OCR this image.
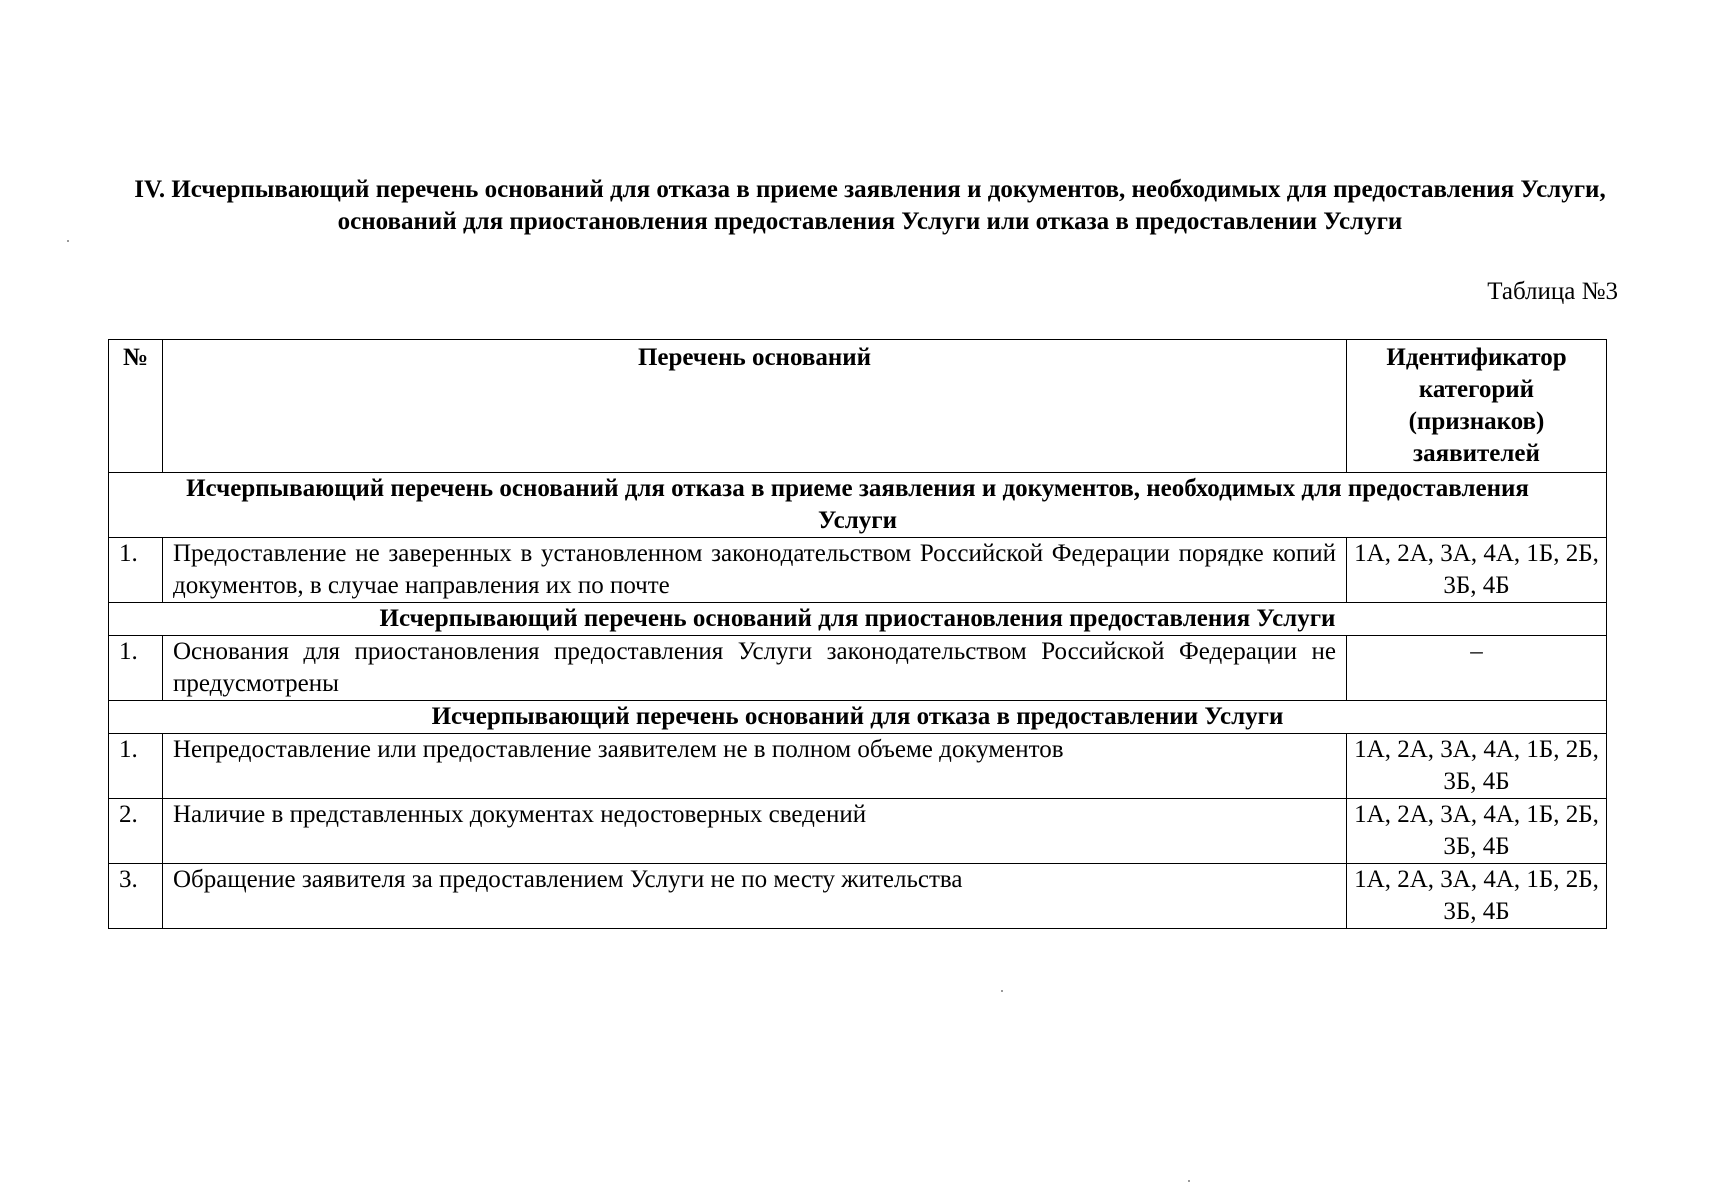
IV. Исчерпывающий перечень оснований для отказа в приеме заявления и документов, необходимых для предоставления Услуги, оснований для приостановления предоставления Услуги или отказа в предоставлении Услуги
Таблица №3
№	Перечень оснований	Идентификатор категорий (признаков) заявителей
Исчерпывающий перечень оснований для отказа в приеме заявления и документов, необходимых для предоставления Услуги		
1.	Предоставление не заверенных в установленном законодательством Российской Федерации порядке копий документов, в случае направления их по почте	1А, 2А, 3А, 4А, 1Б, 2Б, 3Б, 4Б
Исчерпывающий перечень оснований для приостановления предоставления Услуги		
1.	Основания для приостановления предоставления Услуги законодательством Российской Федерации не предусмотрены	–
Исчерпывающий перечень оснований для отказа в предоставлении Услуги		
1.	Непредоставление или предоставление заявителем не в полном объеме документов	1А, 2А, 3А, 4А, 1Б, 2Б, 3Б, 4Б
2.	Наличие в представленных документах недостоверных сведений	1А, 2А, 3А, 4А, 1Б, 2Б, 3Б, 4Б
3.	Обращение заявителя за предоставлением Услуги не по месту жительства	1А, 2А, 3А, 4А, 1Б, 2Б, 3Б, 4Б
